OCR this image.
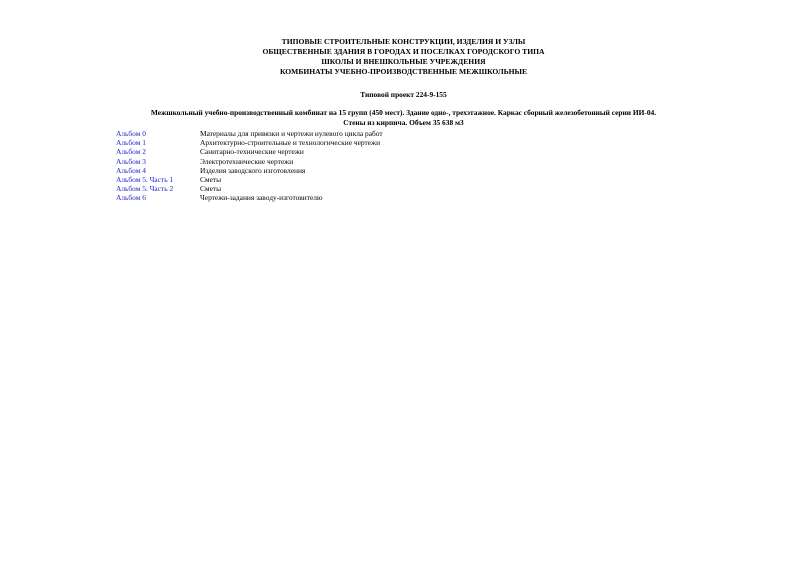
ТИПОВЫЕ СТРОИТЕЛЬНЫЕ КОНСТРУКЦИИ, ИЗДЕЛИЯ И УЗЛЫ
ОБЩЕСТВЕННЫЕ ЗДАНИЯ В ГОРОДАХ И ПОСЕЛКАХ ГОРОДСКОГО ТИПА
ШКОЛЫ И ВНЕШКОЛЬНЫЕ УЧРЕЖДЕНИЯ
КОМБИНАТЫ УЧЕБНО-ПРОИЗВОДСТВЕННЫЕ МЕЖШКОЛЬНЫЕ
Типовой проект 224-9-155
Межшкольный учебно-производственный комбинат на 15 групп (450 мест). Здание одно-, трехэтажное. Каркас сборный железобетонный серии ИИ-04. Стены из кирпича. Объем 35 638 м3
Альбом 0	Материалы для привязки и чертежи нулевого цикла работ
Альбом 1	Архитектурно-строительные и технологические чертежи
Альбом 2	Санитарно-технические чертежи
Альбом 3	Электротехнические чертежи
Альбом 4	Изделия заводского изготовления
Альбом 5. Часть 1	Сметы
Альбом 5. Часть 2	Сметы
Альбом 6	Чертежи-задания заводу-изготовителю
